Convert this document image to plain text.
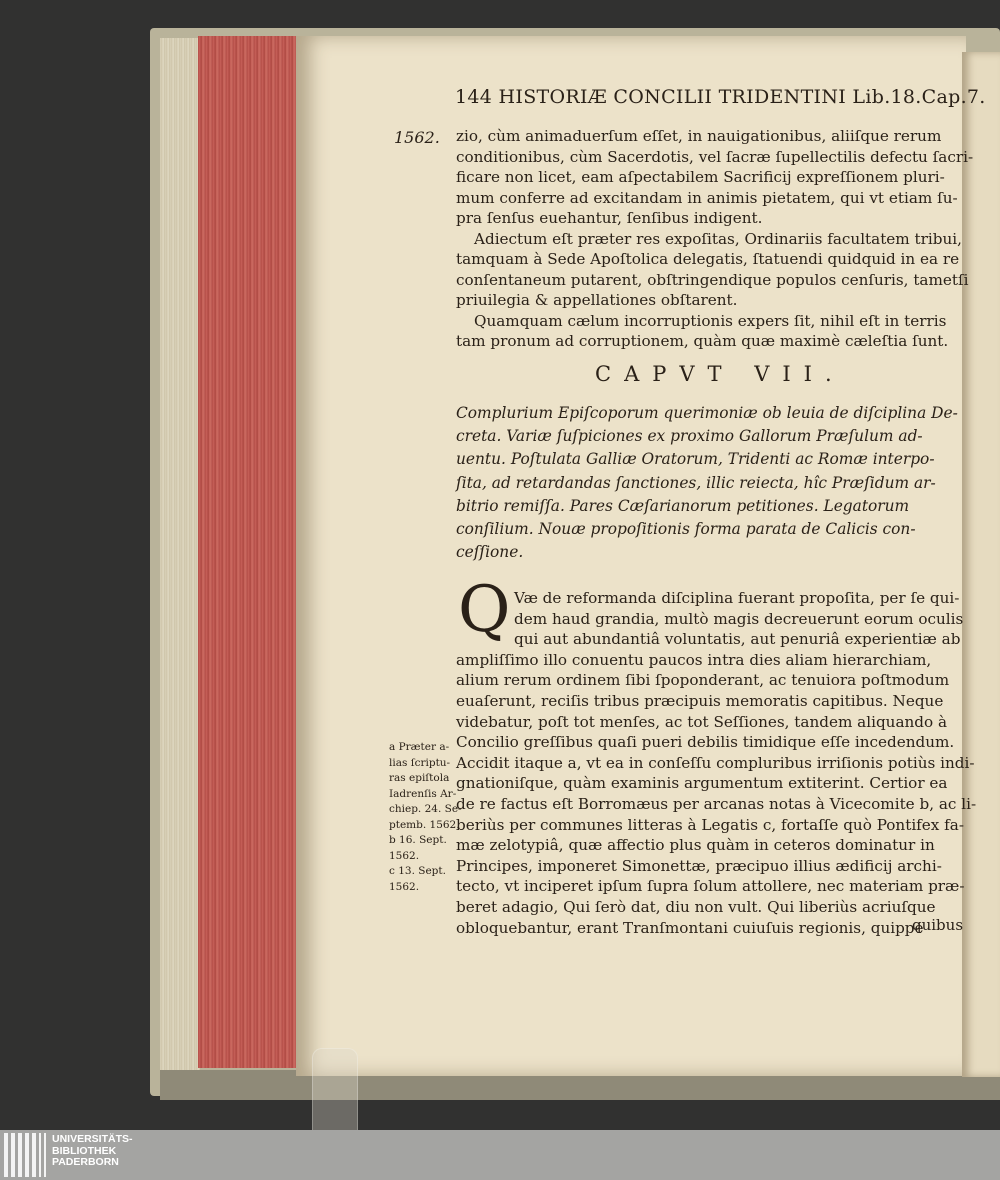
144 HISTORIÆ CONCILII TRIDENTINI Lib.18.Cap.7.
1562. zio, cùm animaduerſum eſſet, in nauigationibus, aliiſque rerum
conditionibus, cùm Sacerdotis, vel ſacræ ſupellectilis defectu ſacri-
ficare non licet, eam aſpectabilem Sacrificij expreſſionem pluri-
mum conferre ad excitandam in animis pietatem, qui vt etiam ſu-
pra ſenſus euehantur, ſenſibus indigent.
Adiectum eſt præter res expoſitas, Ordinariis facultatem tribui,
tamquam à Sede Apoſtolica delegatis, ſtatuendi quidquid in ea re
conſentaneum putarent, obſtringendique populos cenſuris, tametſi
priuilegia & appellationes obſtarent.
Quamquam cælum incorruptionis expers ſit, nihil eſt in terris
tam pronum ad corruptionem, quàm quæ maximè cæleſtia ſunt.
CAPVT VII.
Complurium Epiſcoporum querimoniæ ob leuia de diſciplina De-
creta. Variæ ſuſpiciones ex proximo Gallorum Præſulum ad-
uentu. Poſtulata Galliæ Oratorum, Tridenti ac Romæ interpo-
ſita, ad retardandas ſanctiones, illic reiecta, hîc Præſidum ar-
bitrio remiſſa. Pares Cæſarianorum petitiones. Legatorum
conſilium. Nouæ propoſitionis forma parata de Calicis con-
ceſſione.
Q Væ de reformanda diſciplina fuerant propoſita, per ſe qui-
dem haud grandia, multò magis decreuerunt eorum oculis
qui aut abundantiâ voluntatis, aut penuriâ experientiæ ab
ampliſſimo illo conuentu paucos intra dies aliam hierarchiam,
alium rerum ordinem ſibi ſpoponderant, ac tenuiora poſtmodum
euaſerunt, reciſis tribus præcipuis memoratis capitibus. Neque
videbatur, poſt tot menſes, ac tot Seſſiones, tandem aliquando à
Concilio greſſibus quaſi pueri debilis timidique eſſe incedendum.
Accidit itaque a, vt ea in conſeſſu compluribus irriſionis potiùs indi-
gnationiſque, quàm examinis argumentum extiterint. Certior ea
de re factus eſt Borromæus per arcanas notas à Vicecomite b, ac li-
beriùs per communes litteras à Legatis c, fortaſſe quò Pontifex fa-
mæ zelotypiâ, quæ affectio plus quàm in ceteros dominatur in
Principes, imponeret Simonettæ, præcipuo illius ædificij archi-
tecto, vt inciperet ipſum ſupra ſolum attollere, nec materiam præ-
beret adagio, Qui ſerò dat, diu non vult. Qui liberiùs acriuſque
obloquebantur, erant Tranſmontani cuiuſuis regionis, quippe
quibus
a Præter a-
lias ſcriptu-
ras epiſtola
Iadrenſis Ar-
chiep. 24. Se-
ptemb. 1562.
b 16. Sept.
1562.
c 13. Sept.
1562.
UNIVERSITÄTS-
BIBLIOTHEK
PADERBORN
